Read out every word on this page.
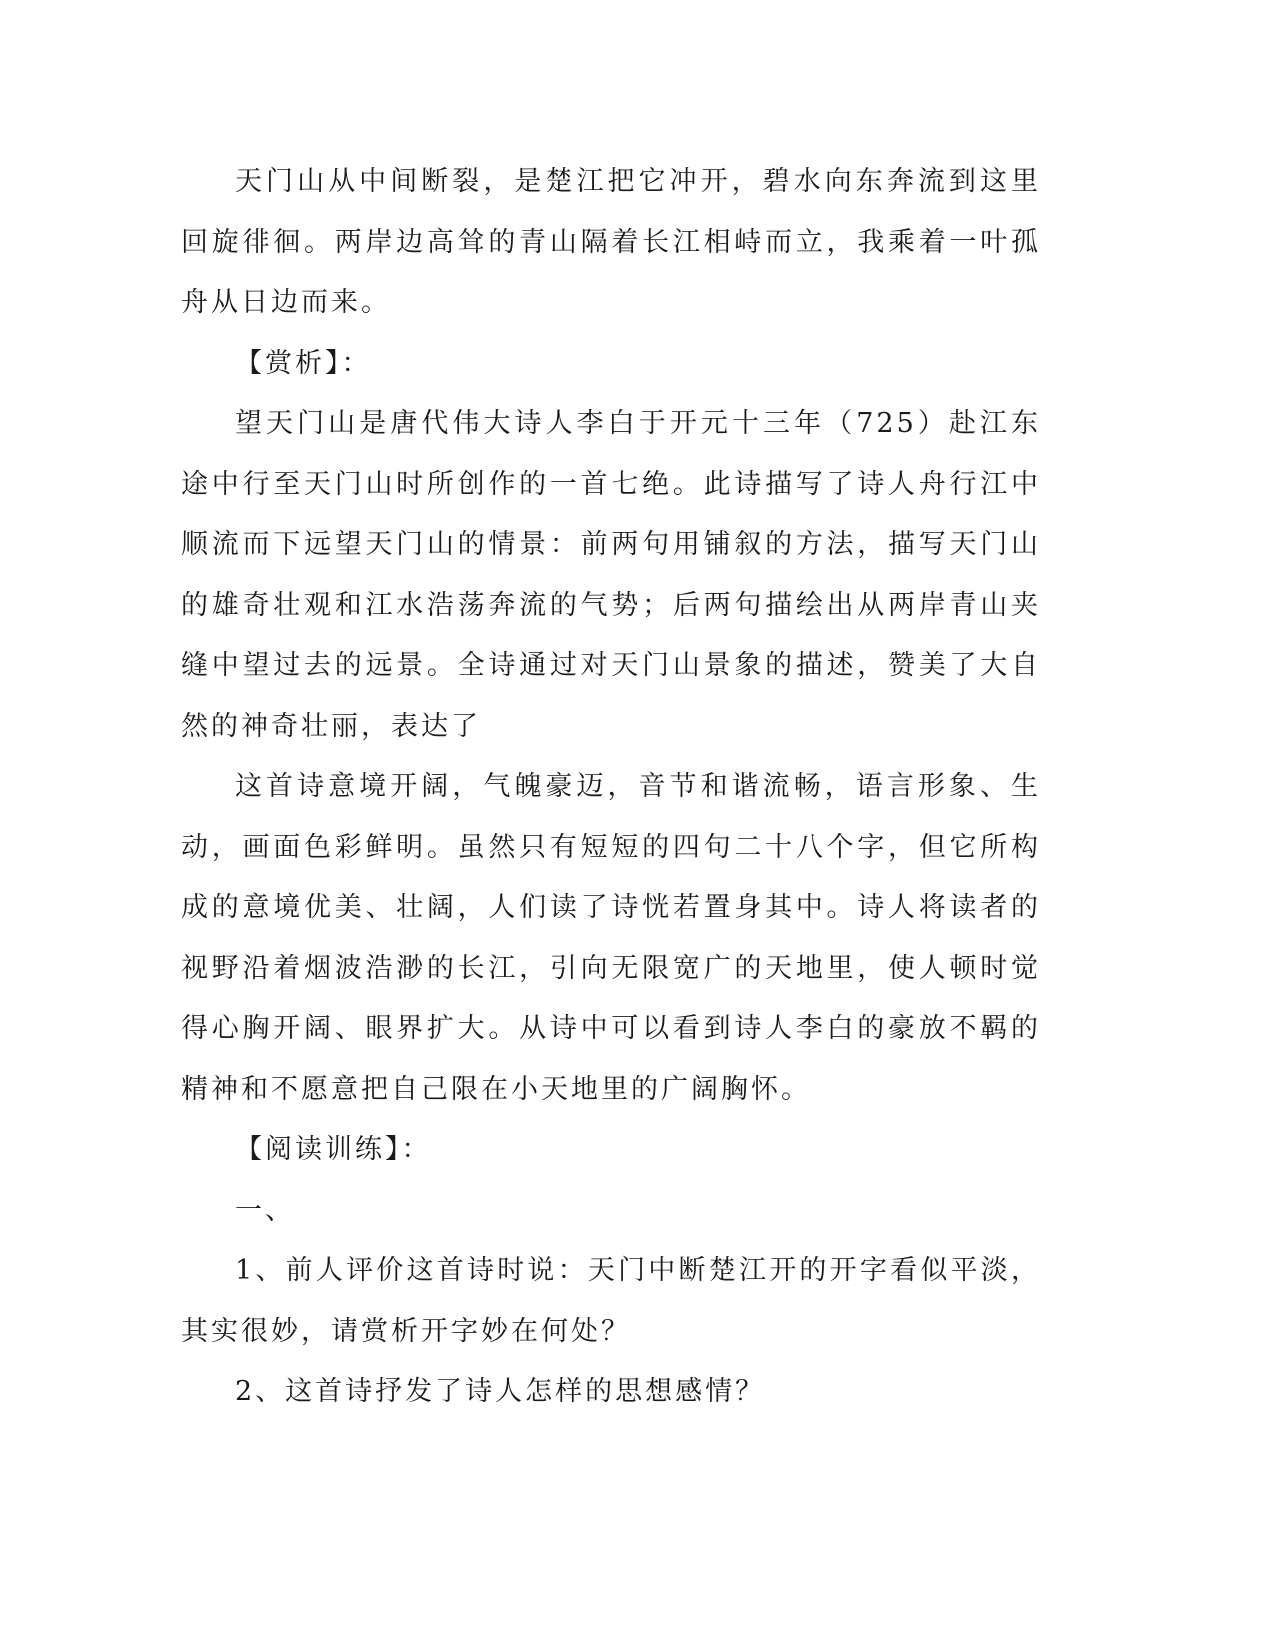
天门山从中间断裂，是楚江把它冲开，碧水向东奔流到这里回旋徘徊。两岸边高耸的青山隔着长江相峙而立，我乘着一叶孤舟从日边而来。

【赏析】：

望天门山是唐代伟大诗人李白于开元十三年（725）赴江东途中行至天门山时所创作的一首七绝。此诗描写了诗人舟行江中顺流而下远望天门山的情景：前两句用铺叙的方法，描写天门山的雄奇壮观和江水浩荡奔流的气势；后两句描绘出从两岸青山夹缝中望过去的远景。全诗通过对天门山景象的描述，赞美了大自然的神奇壮丽，表达了

这首诗意境开阔，气魄豪迈，音节和谐流畅，语言形象、生动，画面色彩鲜明。虽然只有短短的四句二十八个字，但它所构成的意境优美、壮阔，人们读了诗恍若置身其中。诗人将读者的视野沿着烟波浩渺的长江，引向无限宽广的天地里，使人顿时觉得心胸开阔、眼界扩大。从诗中可以看到诗人李白的豪放不羁的精神和不愿意把自己限在小天地里的广阔胸怀。

【阅读训练】：

一、

1、前人评价这首诗时说：天门中断楚江开的开字看似平淡，其实很妙，请赏析开字妙在何处？

2、这首诗抒发了诗人怎样的思想感情？
